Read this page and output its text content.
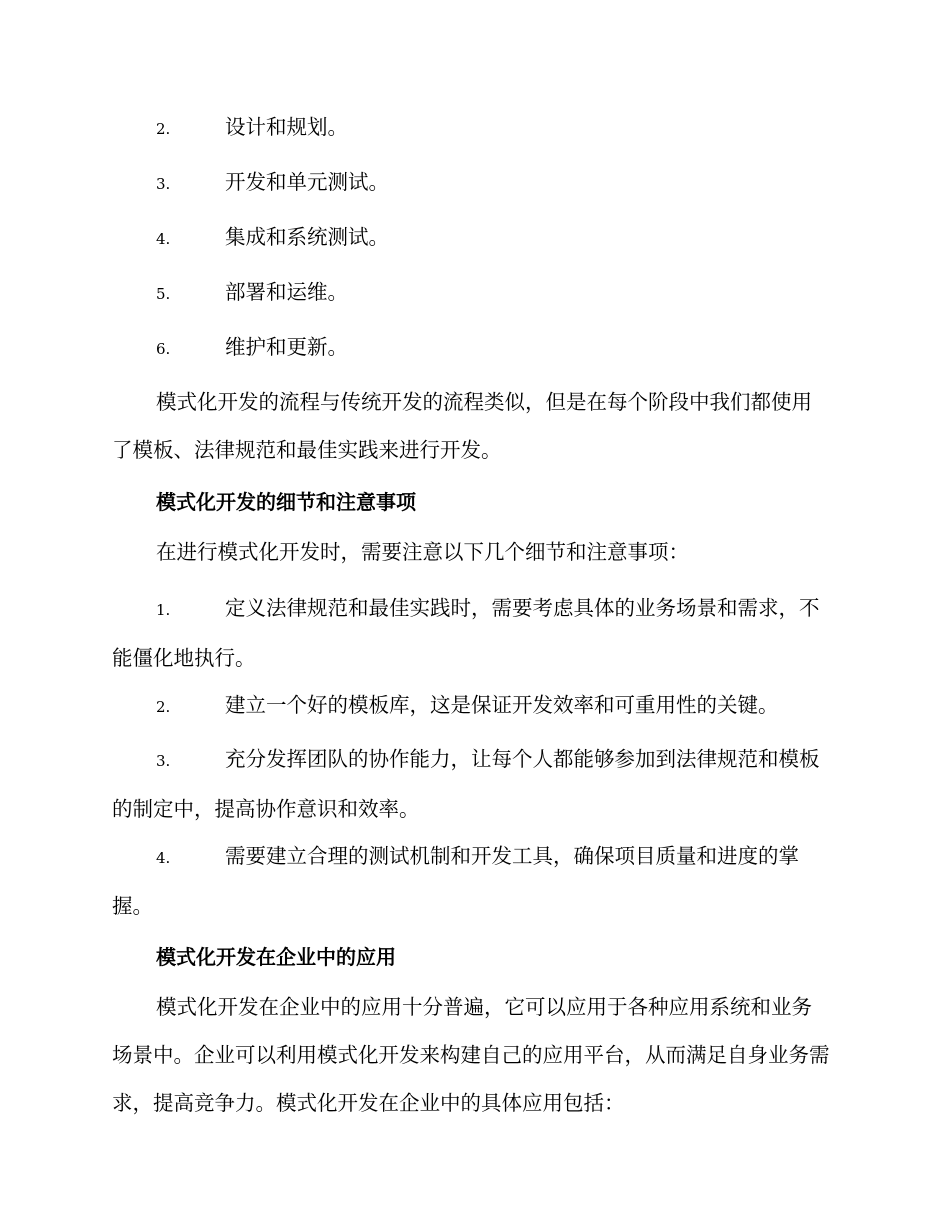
2.	设计和规划。

3.	开发和单元测试。

4.	集成和系统测试。

5.	部署和运维。

6.	维护和更新。

模式化开发的流程与传统开发的流程类似，但是在每个阶段中我们都使用了模板、法律规范和最佳实践来进行开发。

模式化开发的细节和注意事项

在进行模式化开发时，需要注意以下几个细节和注意事项：

1.	定义法律规范和最佳实践时，需要考虑具体的业务场景和需求，不能僵化地执行。

2.	建立一个好的模板库，这是保证开发效率和可重用性的关键。

3.	充分发挥团队的协作能力，让每个人都能够参加到法律规范和模板的制定中，提高协作意识和效率。

4.	需要建立合理的测试机制和开发工具，确保项目质量和进度的掌握。

模式化开发在企业中的应用

模式化开发在企业中的应用十分普遍，它可以应用于各种应用系统和业务场景中。企业可以利用模式化开发来构建自己的应用平台，从而满足自身业务需求，提高竞争力。模式化开发在企业中的具体应用包括：
